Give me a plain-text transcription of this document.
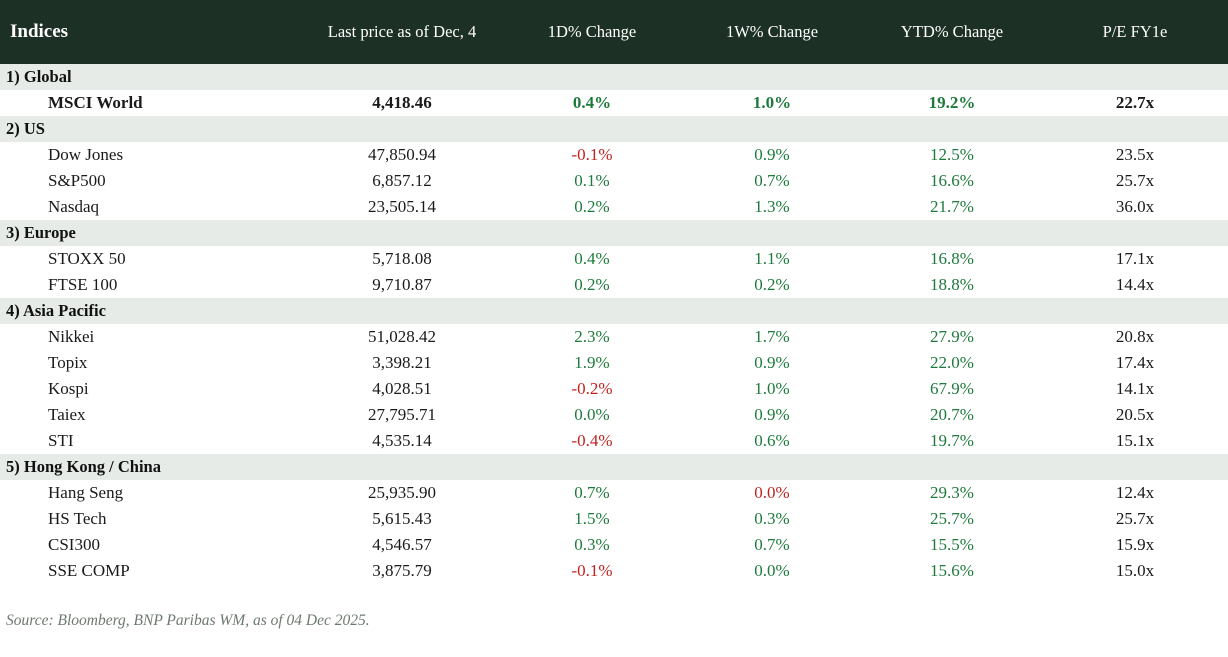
Indices	Last price as of Dec, 4	1D% Change	1W% Change	YTD% Change	P/E FY1e
1) Global					
MSCI World	4,418.46	0.4%	1.0%	19.2%	22.7x
2) US					
Dow Jones	47,850.94	-0.1%	0.9%	12.5%	23.5x
S&P500	6,857.12	0.1%	0.7%	16.6%	25.7x
Nasdaq	23,505.14	0.2%	1.3%	21.7%	36.0x
3) Europe					
STOXX 50	5,718.08	0.4%	1.1%	16.8%	17.1x
FTSE 100	9,710.87	0.2%	0.2%	18.8%	14.4x
4) Asia Pacific					
Nikkei	51,028.42	2.3%	1.7%	27.9%	20.8x
Topix	3,398.21	1.9%	0.9%	22.0%	17.4x
Kospi	4,028.51	-0.2%	1.0%	67.9%	14.1x
Taiex	27,795.71	0.0%	0.9%	20.7%	20.5x
STI	4,535.14	-0.4%	0.6%	19.7%	15.1x
5) Hong Kong / China					
Hang Seng	25,935.90	0.7%	0.0%	29.3%	12.4x
HS Tech	5,615.43	1.5%	0.3%	25.7%	25.7x
CSI300	4,546.57	0.3%	0.7%	15.5%	15.9x
SSE COMP	3,875.79	-0.1%	0.0%	15.6%	15.0x
Source: Bloomberg, BNP Paribas WM, as of 04 Dec 2025.
